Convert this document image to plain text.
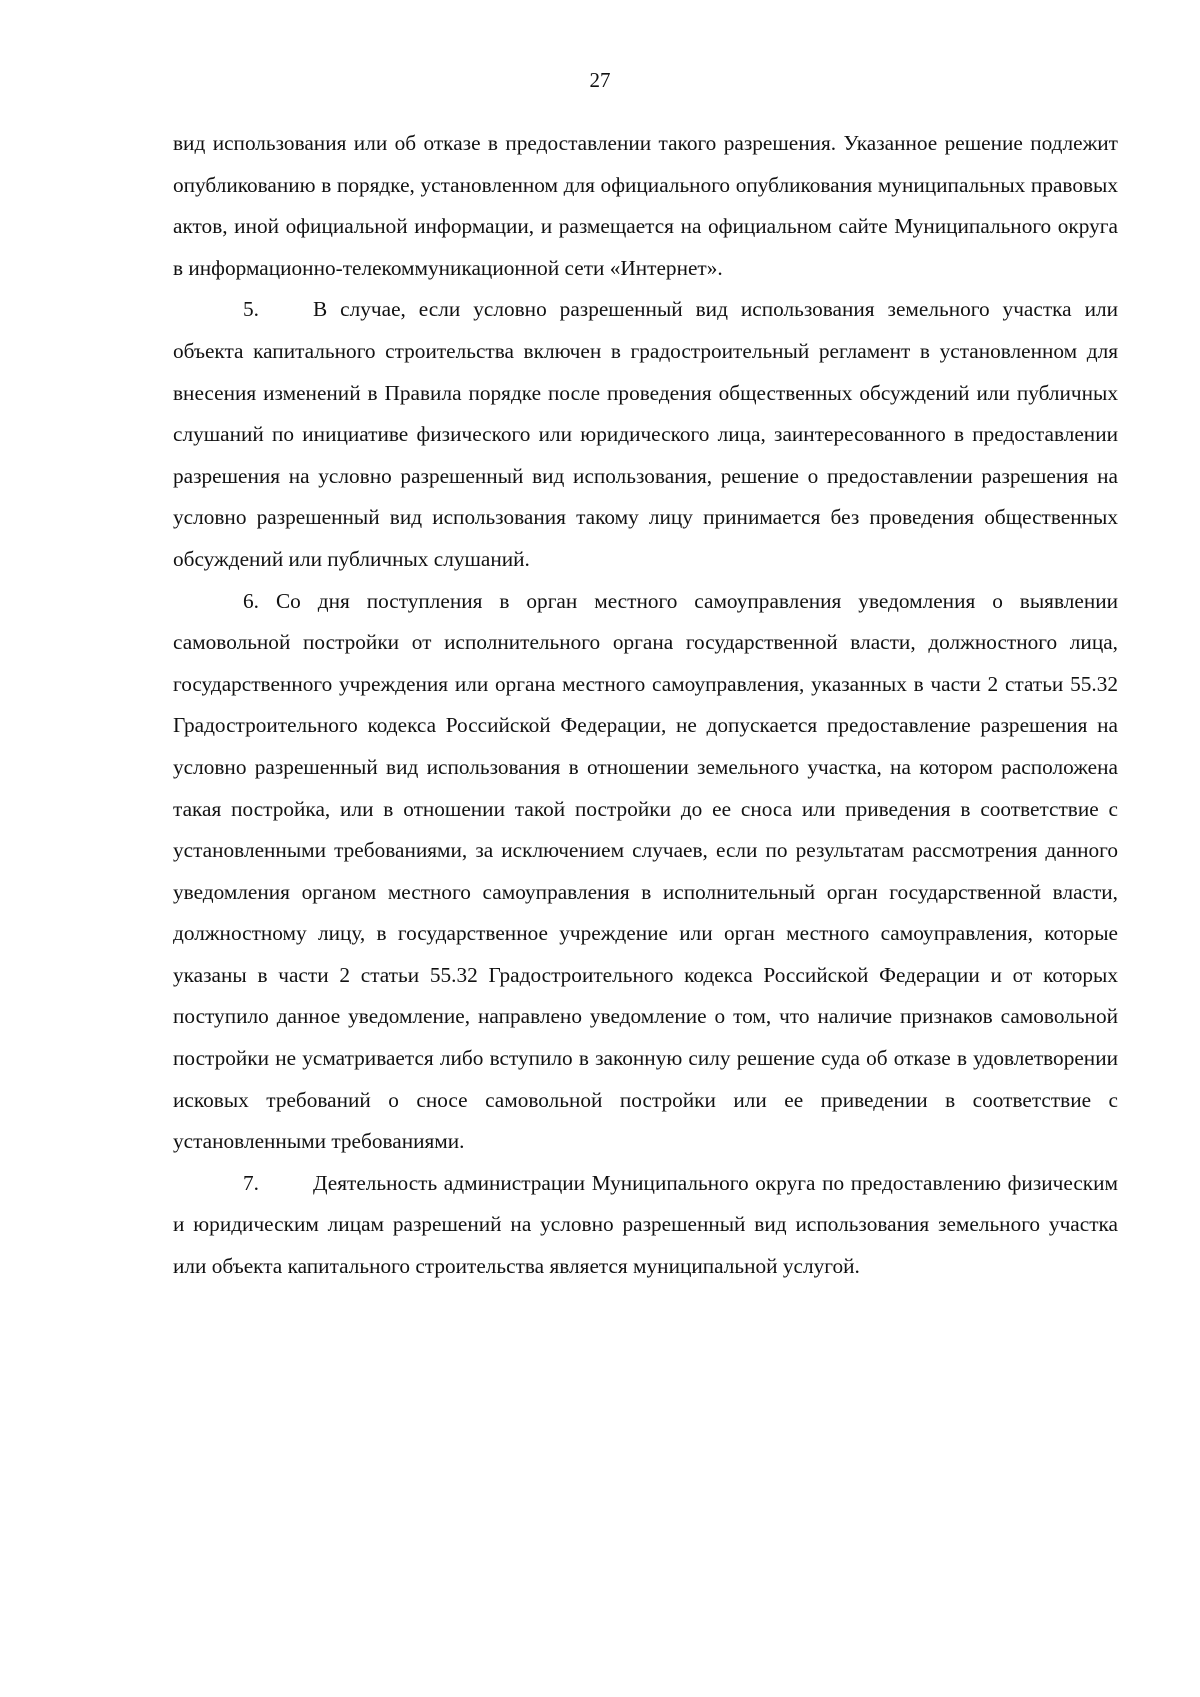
27

вид использования или об отказе в предоставлении такого разрешения. Указанное решение подлежит опубликованию в порядке, установленном для официального опубликования муниципальных правовых актов, иной официальной информации, и размещается на официальном сайте Муниципального округа в информационно-телекоммуникационной сети «Интернет».

5.	В случае, если условно разрешенный вид использования земельного участка или объекта капитального строительства включен в градостроительный регламент в установленном для внесения изменений в Правила порядке после проведения общественных обсуждений или публичных слушаний по инициативе физического или юридического лица, заинтересованного в предоставлении разрешения на условно разрешенный вид использования, решение о предоставлении разрешения на условно разрешенный вид использования такому лицу принимается без проведения общественных обсуждений или публичных слушаний.

6. Со дня поступления в орган местного самоуправления уведомления о выявлении самовольной постройки от исполнительного органа государственной власти, должностного лица, государственного учреждения или органа местного самоуправления, указанных в части 2 статьи 55.32 Градостроительного кодекса Российской Федерации, не допускается предоставление разрешения на условно разрешенный вид использования в отношении земельного участка, на котором расположена такая постройка, или в отношении такой постройки до ее сноса или приведения в соответствие с установленными требованиями, за исключением случаев, если по результатам рассмотрения данного уведомления органом местного самоуправления в исполнительный орган государственной власти, должностному лицу, в государственное учреждение или орган местного самоуправления, которые указаны в части 2 статьи 55.32 Градостроительного кодекса Российской Федерации и от которых поступило данное уведомление, направлено уведомление о том, что наличие признаков самовольной постройки не усматривается либо вступило в законную силу решение суда об отказе в удовлетворении исковых требований о сносе самовольной постройки или ее приведении в соответствие с установленными требованиями.

7.	Деятельность администрации Муниципального округа по предоставлению физическим и юридическим лицам разрешений на условно разрешенный вид использования земельного участка или объекта капитального строительства является муниципальной услугой.
